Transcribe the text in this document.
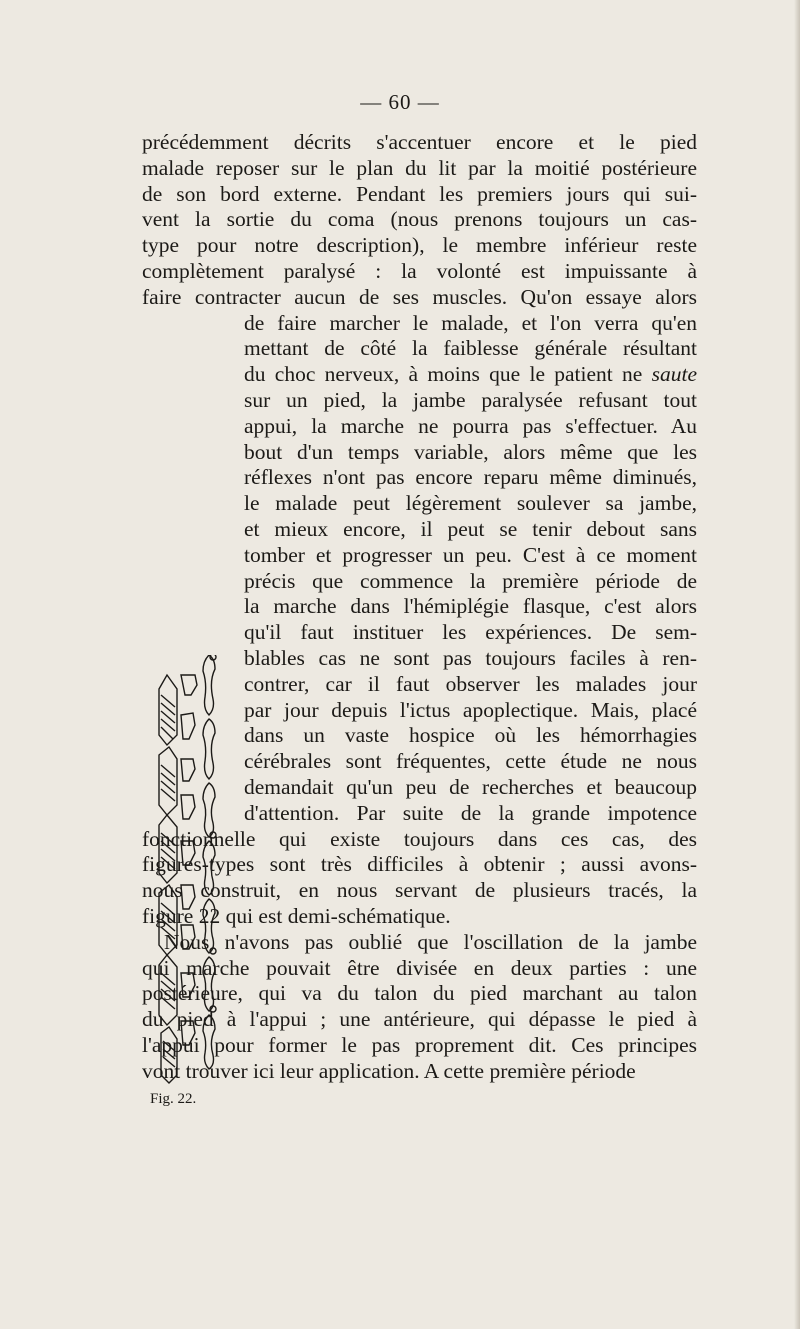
— 60 —
précédemment décrits s'accentuer encore et le pied
malade reposer sur le plan du lit par la moitié postérieure
de son bord externe. Pendant les premiers jours qui sui-
vent la sortie du coma (nous prenons toujours un cas-
type pour notre description), le membre inférieur reste
complètement paralysé : la volonté est impuissante à
faire contracter aucun de ses muscles. Qu'on essaye alors
de faire marcher le malade, et l'on verra qu'en
mettant de côté la faiblesse générale résultant
du choc nerveux, à moins que le patient ne saute
sur un pied, la jambe paralysée refusant tout
appui, la marche ne pourra pas s'effectuer. Au
bout d'un temps variable, alors même que les
réflexes n'ont pas encore reparu même diminués,
le malade peut légèrement soulever sa jambe,
et mieux encore, il peut se tenir debout sans
tomber et progresser un peu. C'est à ce moment
précis que commence la première période de
la marche dans l'hémiplégie flasque, c'est alors
qu'il faut instituer les expériences. De sem-
blables cas ne sont pas toujours faciles à ren-
contrer, car il faut observer les malades jour
par jour depuis l'ictus apoplectique. Mais, placé
dans un vaste hospice où les hémorrhagies
cérébrales sont fréquentes, cette étude ne nous
demandait qu'un peu de recherches et beaucoup
d'attention. Par suite de la grande impotence
fonctionnelle qui existe toujours dans ces cas, des
figures-types sont très difficiles à obtenir ; aussi avons-
nous construit, en nous servant de plusieurs tracés, la
figure 22 qui est demi-schématique.
Nous n'avons pas oublié que l'oscillation de la jambe
qui marche pouvait être divisée en deux parties : une
postérieure, qui va du talon du pied marchant au talon
du pied à l'appui ; une antérieure, qui dépasse le pied à
l'appui pour former le pas proprement dit. Ces principes
vont trouver ici leur application. A cette première période
Fig. 22.
